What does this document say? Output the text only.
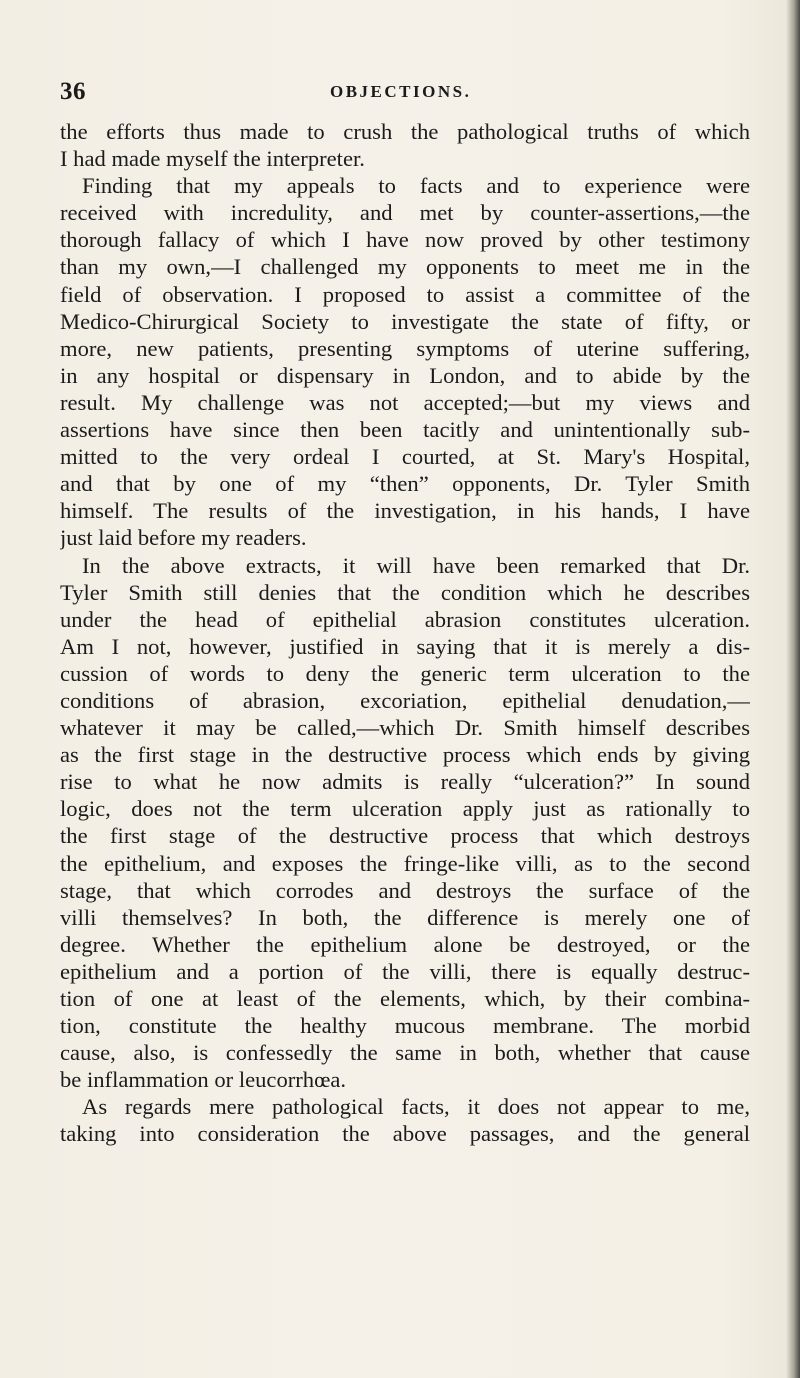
36	OBJECTIONS.
the efforts thus made to crush the pathological truths of which
I had made myself the interpreter.
Finding that my appeals to facts and to experience were
received with incredulity, and met by counter-assertions,—the
thorough fallacy of which I have now proved by other testimony
than my own,—I challenged my opponents to meet me in the
field of observation. I proposed to assist a committee of the
Medico-Chirurgical Society to investigate the state of fifty, or
more, new patients, presenting symptoms of uterine suffering,
in any hospital or dispensary in London, and to abide by the
result. My challenge was not accepted;—but my views and
assertions have since then been tacitly and unintentionally sub-
mitted to the very ordeal I courted, at St. Mary's Hospital,
and that by one of my “then” opponents, Dr. Tyler Smith
himself. The results of the investigation, in his hands, I have
just laid before my readers.
In the above extracts, it will have been remarked that Dr.
Tyler Smith still denies that the condition which he describes
under the head of epithelial abrasion constitutes ulceration.
Am I not, however, justified in saying that it is merely a dis-
cussion of words to deny the generic term ulceration to the
conditions of abrasion, excoriation, epithelial denudation,—
whatever it may be called,—which Dr. Smith himself describes
as the first stage in the destructive process which ends by giving
rise to what he now admits is really “ulceration?” In sound
logic, does not the term ulceration apply just as rationally to
the first stage of the destructive process that which destroys
the epithelium, and exposes the fringe-like villi, as to the second
stage, that which corrodes and destroys the surface of the
villi themselves? In both, the difference is merely one of
degree. Whether the epithelium alone be destroyed, or the
epithelium and a portion of the villi, there is equally destruc-
tion of one at least of the elements, which, by their combina-
tion, constitute the healthy mucous membrane. The morbid
cause, also, is confessedly the same in both, whether that cause
be inflammation or leucorrhœa.
As regards mere pathological facts, it does not appear to me,
taking into consideration the above passages, and the general
